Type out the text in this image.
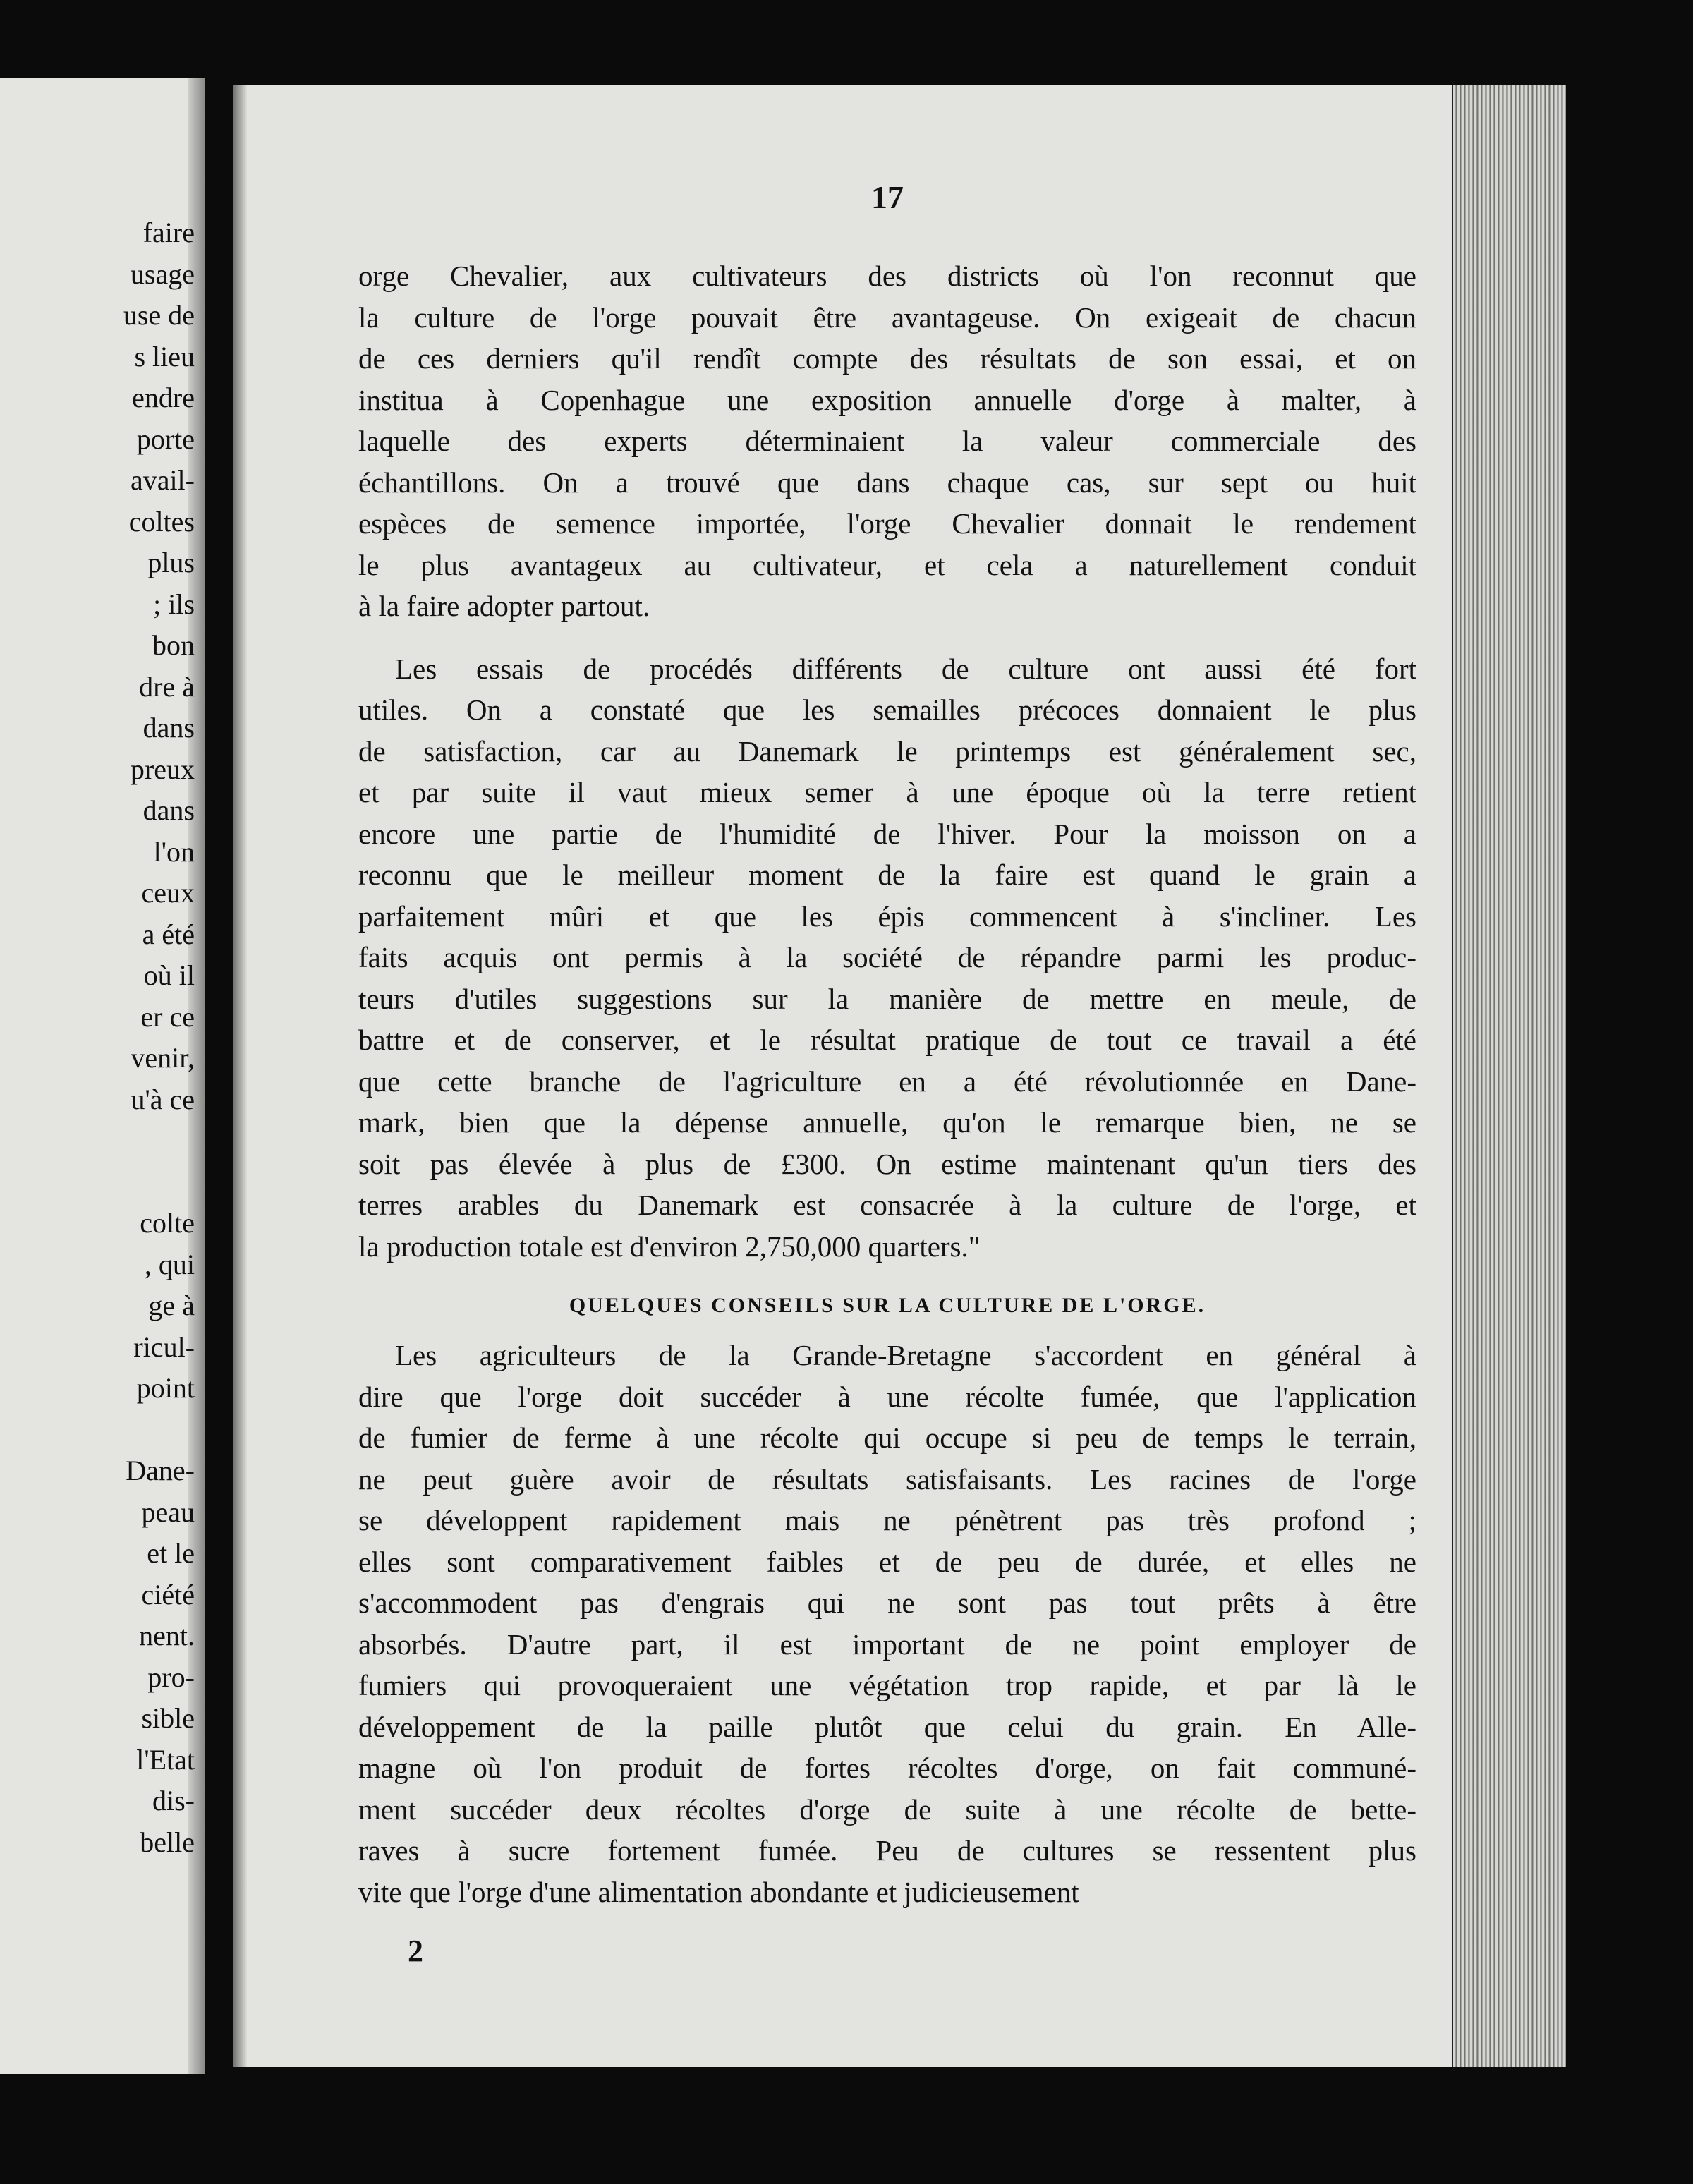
faire

usage

use de

s lieu

endre

porte

avail-

coltes

plus

; ils

bon

dre à

dans

preux

dans

l'on

ceux

a été

où il

er ce

venir,

u'à ce

colte

, qui

ge à

ricul-

point

Dane-

peau

et le

ciété

nent.

pro-

sible

l'Etat

dis-

belle

17

orge Chevalier, aux cultivateurs des districts où l'on reconnut que

la culture de l'orge pouvait être avantageuse. On exigeait de chacun

de ces derniers qu'il rendît compte des résultats de son essai, et on

institua à Copenhague une exposition annuelle d'orge à malter, à

laquelle des experts déterminaient la valeur commerciale des

échantillons. On a trouvé que dans chaque cas, sur sept ou huit

espèces de semence importée, l'orge Chevalier donnait le rendement

le plus avantageux au cultivateur, et cela a naturellement conduit

à la faire adopter partout.

Les essais de procédés différents de culture ont aussi été fort

utiles. On a constaté que les semailles précoces donnaient le plus

de satisfaction, car au Danemark le printemps est généralement sec,

et par suite il vaut mieux semer à une époque où la terre retient

encore une partie de l'humidité de l'hiver. Pour la moisson on a

reconnu que le meilleur moment de la faire est quand le grain a

parfaitement mûri et que les épis commencent à s'incliner. Les

faits acquis ont permis à la société de répandre parmi les produc-

teurs d'utiles suggestions sur la manière de mettre en meule, de

battre et de conserver, et le résultat pratique de tout ce travail a été

que cette branche de l'agriculture en a été révolutionnée en Dane-

mark, bien que la dépense annuelle, qu'on le remarque bien, ne se

soit pas élevée à plus de £300. On estime maintenant qu'un tiers des

terres arables du Danemark est consacrée à la culture de l'orge, et

la production totale est d'environ 2,750,000 quarters."

QUELQUES CONSEILS SUR LA CULTURE DE L'ORGE.

Les agriculteurs de la Grande-Bretagne s'accordent en général à

dire que l'orge doit succéder à une récolte fumée, que l'application

de fumier de ferme à une récolte qui occupe si peu de temps le terrain,

ne peut guère avoir de résultats satisfaisants. Les racines de l'orge

se développent rapidement mais ne pénètrent pas très profond ;

elles sont comparativement faibles et de peu de durée, et elles ne

s'accommodent pas d'engrais qui ne sont pas tout prêts à être

absorbés. D'autre part, il est important de ne point employer de

fumiers qui provoqueraient une végétation trop rapide, et par là le

développement de la paille plutôt que celui du grain. En Alle-

magne où l'on produit de fortes récoltes d'orge, on fait communé-

ment succéder deux récoltes d'orge de suite à une récolte de bette-

raves à sucre fortement fumée. Peu de cultures se ressentent plus

vite que l'orge d'une alimentation abondante et judicieusement

2
